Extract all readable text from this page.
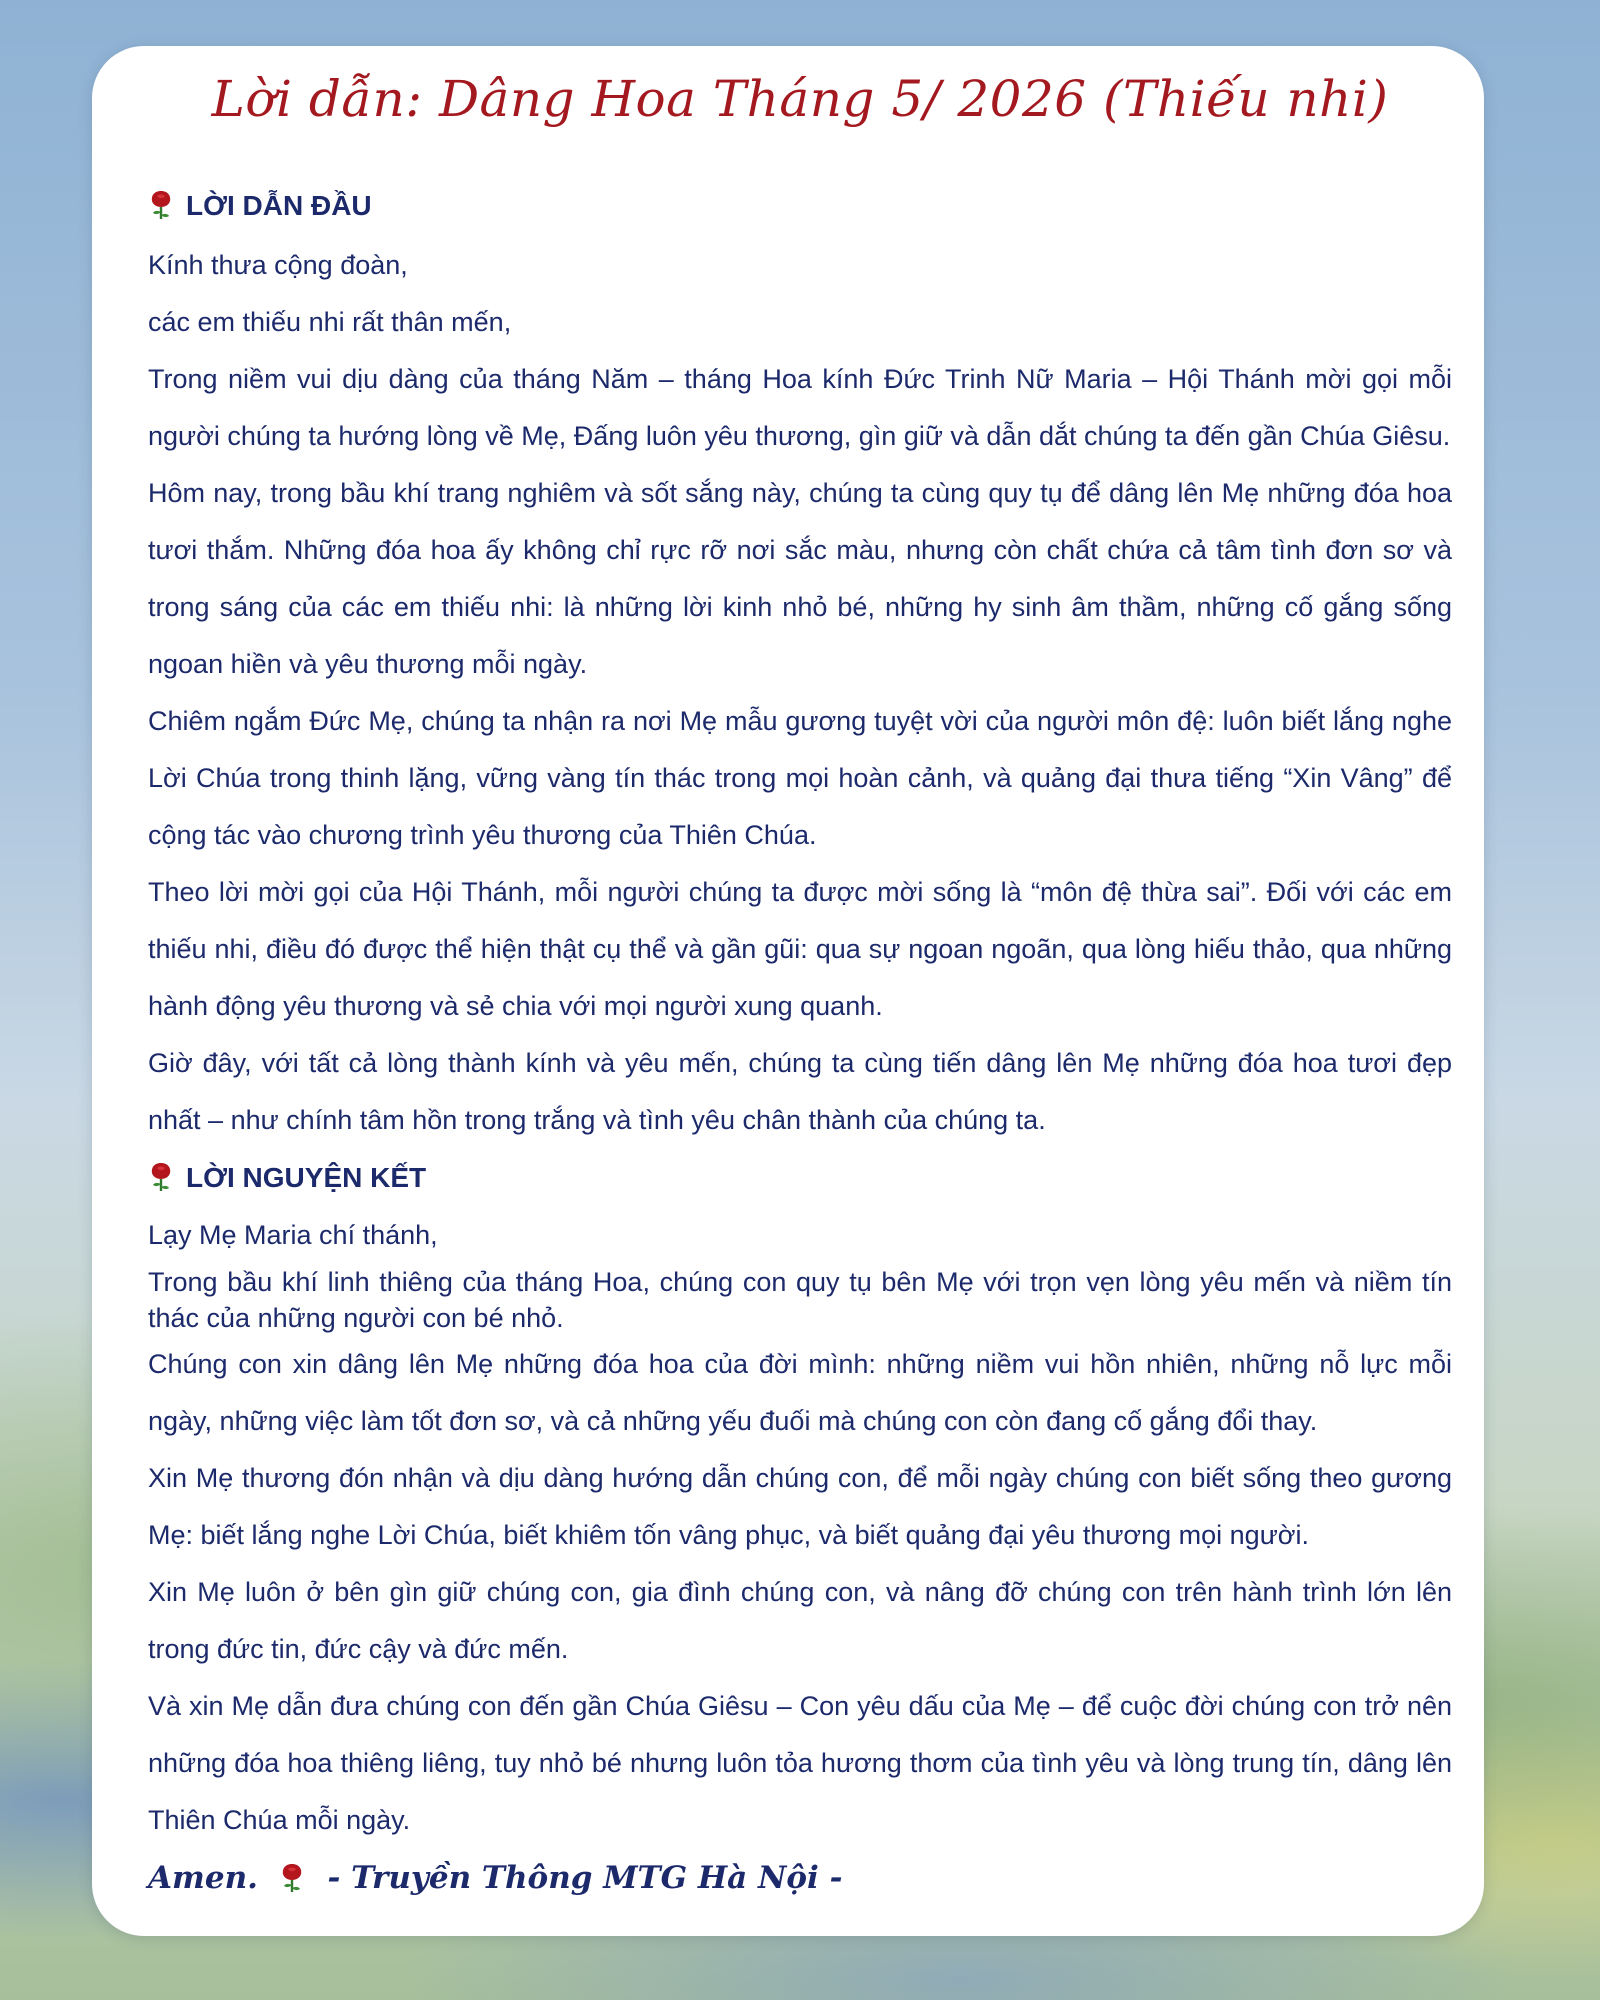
Lời dẫn: Dâng Hoa Tháng 5/ 2026 (Thiếu nhi)
LỜI DẪN ĐẦU

Kính thưa cộng đoàn,

các em thiếu nhi rất thân mến,

Trong niềm vui dịu dàng của tháng Năm – tháng Hoa kính Đức Trinh Nữ Maria – Hội Thánh mời gọi mỗi người chúng ta hướng lòng về Mẹ, Đấng luôn yêu thương, gìn giữ và dẫn dắt chúng ta đến gần Chúa Giêsu.

Hôm nay, trong bầu khí trang nghiêm và sốt sắng này, chúng ta cùng quy tụ để dâng lên Mẹ những đóa hoa tươi thắm. Những đóa hoa ấy không chỉ rực rỡ nơi sắc màu, nhưng còn chất chứa cả tâm tình đơn sơ và trong sáng của các em thiếu nhi: là những lời kinh nhỏ bé, những hy sinh âm thầm, những cố gắng sống ngoan hiền và yêu thương mỗi ngày.

Chiêm ngắm Đức Mẹ, chúng ta nhận ra nơi Mẹ mẫu gương tuyệt vời của người môn đệ: luôn biết lắng nghe Lời Chúa trong thinh lặng, vững vàng tín thác trong mọi hoàn cảnh, và quảng đại thưa tiếng “Xin Vâng” để cộng tác vào chương trình yêu thương của Thiên Chúa.

Theo lời mời gọi của Hội Thánh, mỗi người chúng ta được mời sống là “môn đệ thừa sai”. Đối với các em thiếu nhi, điều đó được thể hiện thật cụ thể và gần gũi: qua sự ngoan ngoãn, qua lòng hiếu thảo, qua những hành động yêu thương và sẻ chia với mọi người xung quanh.

Giờ đây, với tất cả lòng thành kính và yêu mến, chúng ta cùng tiến dâng lên Mẹ những đóa hoa tươi đẹp nhất – như chính tâm hồn trong trắng và tình yêu chân thành của chúng ta.

LỜI NGUYỆN KẾT

Lạy Mẹ Maria chí thánh,

Trong bầu khí linh thiêng của tháng Hoa, chúng con quy tụ bên Mẹ với trọn vẹn lòng yêu mến và niềm tín thác của những người con bé nhỏ.

Chúng con xin dâng lên Mẹ những đóa hoa của đời mình: những niềm vui hồn nhiên, những nỗ lực mỗi ngày, những việc làm tốt đơn sơ, và cả những yếu đuối mà chúng con còn đang cố gắng đổi thay.

Xin Mẹ thương đón nhận và dịu dàng hướng dẫn chúng con, để mỗi ngày chúng con biết sống theo gương Mẹ: biết lắng nghe Lời Chúa, biết khiêm tốn vâng phục, và biết quảng đại yêu thương mọi người.

Xin Mẹ luôn ở bên gìn giữ chúng con, gia đình chúng con, và nâng đỡ chúng con trên hành trình lớn lên trong đức tin, đức cậy và đức mến.

Và xin Mẹ dẫn đưa chúng con đến gần Chúa Giêsu – Con yêu dấu của Mẹ – để cuộc đời chúng con trở nên những đóa hoa thiêng liêng, tuy nhỏ bé nhưng luôn tỏa hương thơm của tình yêu và lòng trung tín, dâng lên Thiên Chúa mỗi ngày.

Amen. - Truyền Thông MTG Hà Nội -
